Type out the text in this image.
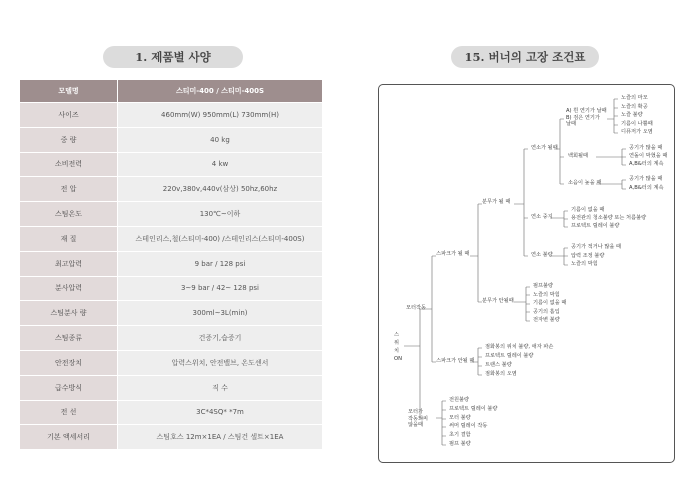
1. 제품별 사양	15. 버너의 고장 조건표
모델명	스티미-400 / 스티미-400S
사이즈	460mm(W) 950mm(L) 730mm(H)
중 량	40 kg
소비전력	4 kw
전 압	220v,380v,440v(삼상) 50hz,60hz
스팀온도	130℃~이하
재 질	스테인리스,철(스티미-400) /스테인리스(스티미-400S)
최고압력	9 bar / 128 psi
분사압력	3~9 bar / 42~ 128 psi
스팀분사 량	300ml~3L(min)
스팀종류	건증기,습증기
안전장치	압력스위치, 안전밸브, 온도센서
급수방식	직 수
전 선	3C*4SQ* *7m
기본 액세서리	스팀호스 12m×1EA / 스팀건 셀트×1EA
스
위
치
ON
모터작동
모터가
작동되지
않을때
스파크가 될 때
스파크가 안될 때
분무가 될 때
분무가 안될때
연소가 될때
연소 중지
연소 불량
A) 흰 연기가 날때
B) 검은 연기가
날때
백회될때
소음이 높을 때
노즐의 마모
노즐의 확공
노즐 불량
기름이 나쁠때
디퓨저가 오염
공기가 많을 때
연돌이 막혔을 때
A,B&터의 계속
공기가 많을 때
A,B&터의 계속
기름이 없을 때
용전관의 청소불량 또는 처름불량
프로텍트 릴레이 불량
공기가 적거나 많을 때
압력 조정 불량
노즐의 막힘
펌프불량
노즐의 막힘
기름이 없을 때
공기의 흡입
전자변 불량
점화봉의 위치 불량, 애자 파손
프로텍트 릴레이 불량
트랜스 불량
점화봉의 오염
전원불량
프로텍트 릴레이 불량
모터 불량
써머 릴레이 작동
초기 결함
펌프 불량
